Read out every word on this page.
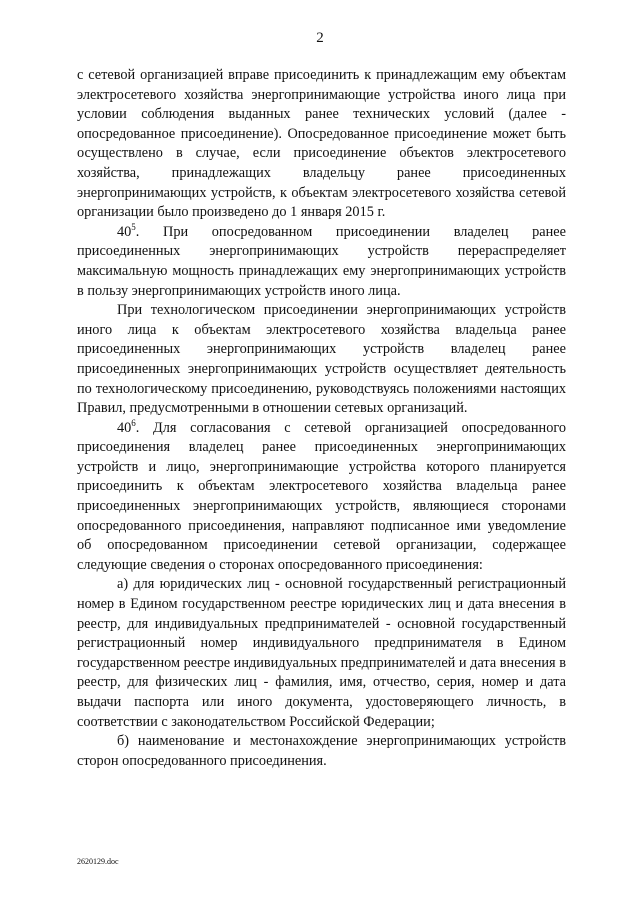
2

с сетевой организацией вправе присоединить к принадлежащим ему объектам электросетевого хозяйства энергопринимающие устройства иного лица при условии соблюдения выданных ранее технических условий (далее - опосредованное присоединение). Опосредованное присоединение может быть осуществлено в случае, если присоединение объектов электросетевого хозяйства, принадлежащих владельцу ранее присоединенных энергопринимающих устройств, к объектам электросетевого хозяйства сетевой организации было произведено до 1 января 2015 г.

$40^5$. При опосредованном присоединении владелец ранее присоединенных энергопринимающих устройств перераспределяет максимальную мощность принадлежащих ему энергопринимающих устройств в пользу энергопринимающих устройств иного лица.

При технологическом присоединении энергопринимающих устройств иного лица к объектам электросетевого хозяйства владельца ранее присоединенных энергопринимающих устройств владелец ранее присоединенных энергопринимающих устройств осуществляет деятельность по технологическому присоединению, руководствуясь положениями настоящих Правил, предусмотренными в отношении сетевых организаций.

$40^6$. Для согласования с сетевой организацией опосредованного присоединения владелец ранее присоединенных энергопринимающих устройств и лицо, энергопринимающие устройства которого планируется присоединить к объектам электросетевого хозяйства владельца ранее присоединенных энергопринимающих устройств, являющиеся сторонами опосредованного присоединения, направляют подписанное ими уведомление об опосредованном присоединении сетевой организации, содержащее следующие сведения о сторонах опосредованного присоединения:

а) для юридических лиц - основной государственный регистрационный номер в Едином государственном реестре юридических лиц и дата внесения в реестр, для индивидуальных предпринимателей - основной государственный регистрационный номер индивидуального предпринимателя в Едином государственном реестре индивидуальных предпринимателей и дата внесения в реестр, для физических лиц - фамилия, имя, отчество, серия, номер и дата выдачи паспорта или иного документа, удостоверяющего личность, в соответствии с законодательством Российской Федерации;

б) наименование и местонахождение энергопринимающих устройств сторон опосредованного присоединения.

2620129.doc
